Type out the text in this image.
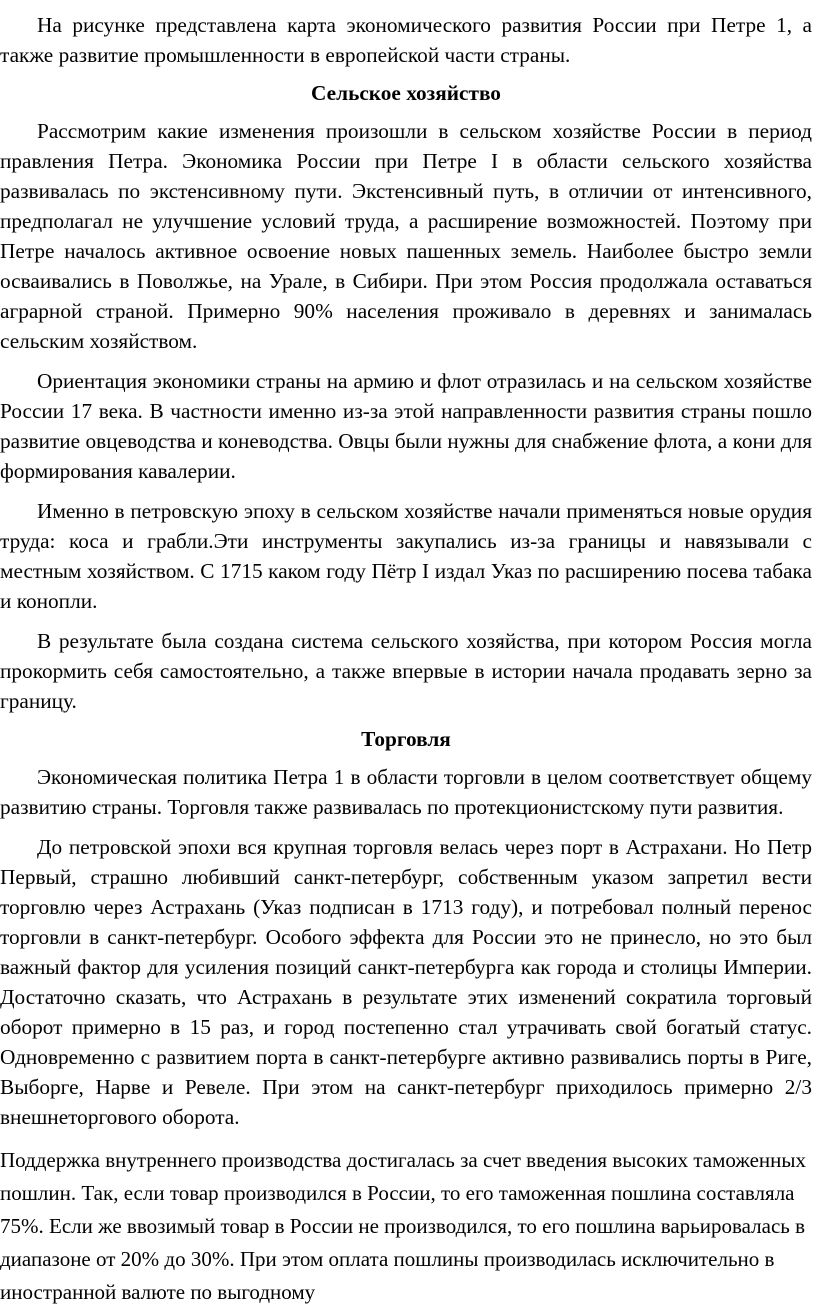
На рисунке представлена карта экономического развития России при Петре 1, а также развитие промышленности в европейской части страны.

Сельское хозяйство

Рассмотрим какие изменения произошли в сельском хозяйстве России в период правления Петра. Экономика России при Петре I в области сельского хозяйства развивалась по экстенсивному пути. Экстенсивный путь, в отличии от интенсивного, предполагал не улучшение условий труда, а расширение возможностей. Поэтому при Петре началось активное освоение новых пашенных земель. Наиболее быстро земли осваивались в Поволжье, на Урале, в Сибири. При этом Россия продолжала оставаться аграрной страной. Примерно 90% населения проживало в деревнях и занималась сельским хозяйством.

Ориентация экономики страны на армию и флот отразилась и на сельском хозяйстве России 17 века. В частности именно из-за этой направленности развития страны пошло развитие овцеводства и коневодства. Овцы были нужны для снабжение флота, а кони для формирования кавалерии.

Именно в петровскую эпоху в сельском хозяйстве начали применяться новые орудия труда: коса и грабли.Эти инструменты закупались из-за границы и навязывали с местным хозяйством. С 1715 каком году Пётр I издал Указ по расширению посева табака и конопли.

В результате была создана система сельского хозяйства, при котором Россия могла прокормить себя самостоятельно, а также впервые в истории начала продавать зерно за границу.

Торговля

Экономическая политика Петра 1 в области торговли в целом соответствует общему развитию страны. Торговля также развивалась по протекционистскому пути развития.

До петровской эпохи вся крупная торговля велась через порт в Астрахани. Но Петр Первый, страшно любивший санкт-петербург, собственным указом запретил вести торговлю через Астрахань (Указ подписан в 1713 году), и потребовал полный перенос торговли в санкт-петербург. Особого эффекта для России это не принесло, но это был важный фактор для усиления позиций санкт-петербурга как города и столицы Империи. Достаточно сказать, что Астрахань в результате этих изменений сократила торговый оборот примерно в 15 раз, и город постепенно стал утрачивать свой богатый статус. Одновременно с развитием порта в санкт-петербурге активно развивались порты в Риге, Выборге, Нарве и Ревеле. При этом на санкт-петербург приходилось примерно 2/3 внешнеторгового оборота.

Поддержка внутреннего производства достигалась за счет введения высоких таможенных пошлин. Так, если товар производился в России, то его таможенная пошлина составляла 75%. Если же ввозимый товар в России не производился, то его пошлина варьировалась в диапазоне от 20% до 30%. При этом оплата пошлины производилась исключительно в иностранной валюте по выгодному
